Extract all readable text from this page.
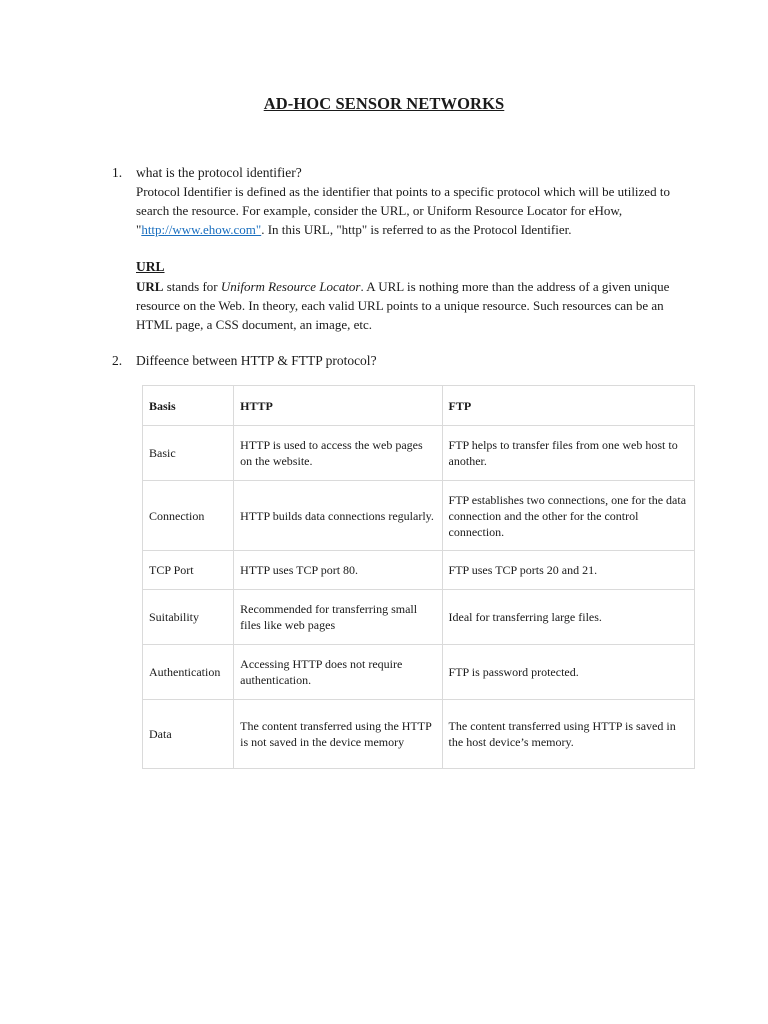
AD-HOC SENSOR NETWORKS
1. what is the protocol identifier?
Protocol Identifier is defined as the identifier that points to a specific protocol which will be utilized to search the resource. For example, consider the URL, or Uniform Resource Locator for eHow, "http://www.ehow.com". In this URL, "http" is referred to as the Protocol Identifier.
URL
URL stands for Uniform Resource Locator. A URL is nothing more than the address of a given unique resource on the Web. In theory, each valid URL points to a unique resource. Such resources can be an HTML page, a CSS document, an image, etc.
2. Diffeence between HTTP & FTTP protocol?
Basis	HTTP	FTP
Basic	HTTP is used to access the web pages on the website.	FTP helps to transfer files from one web host to another.
Connection	HTTP builds data connections regularly.	FTP establishes two connections, one for the data connection and the other for the control connection.
TCP Port	HTTP uses TCP port 80.	FTP uses TCP ports 20 and 21.
Suitability	Recommended for transferring small files like web pages	Ideal for transferring large files.
Authentication	Accessing HTTP does not require authentication.	FTP is password protected.
Data	The content transferred using the HTTP is not saved in the device memory	The content transferred using HTTP is saved in the host device’s memory.
